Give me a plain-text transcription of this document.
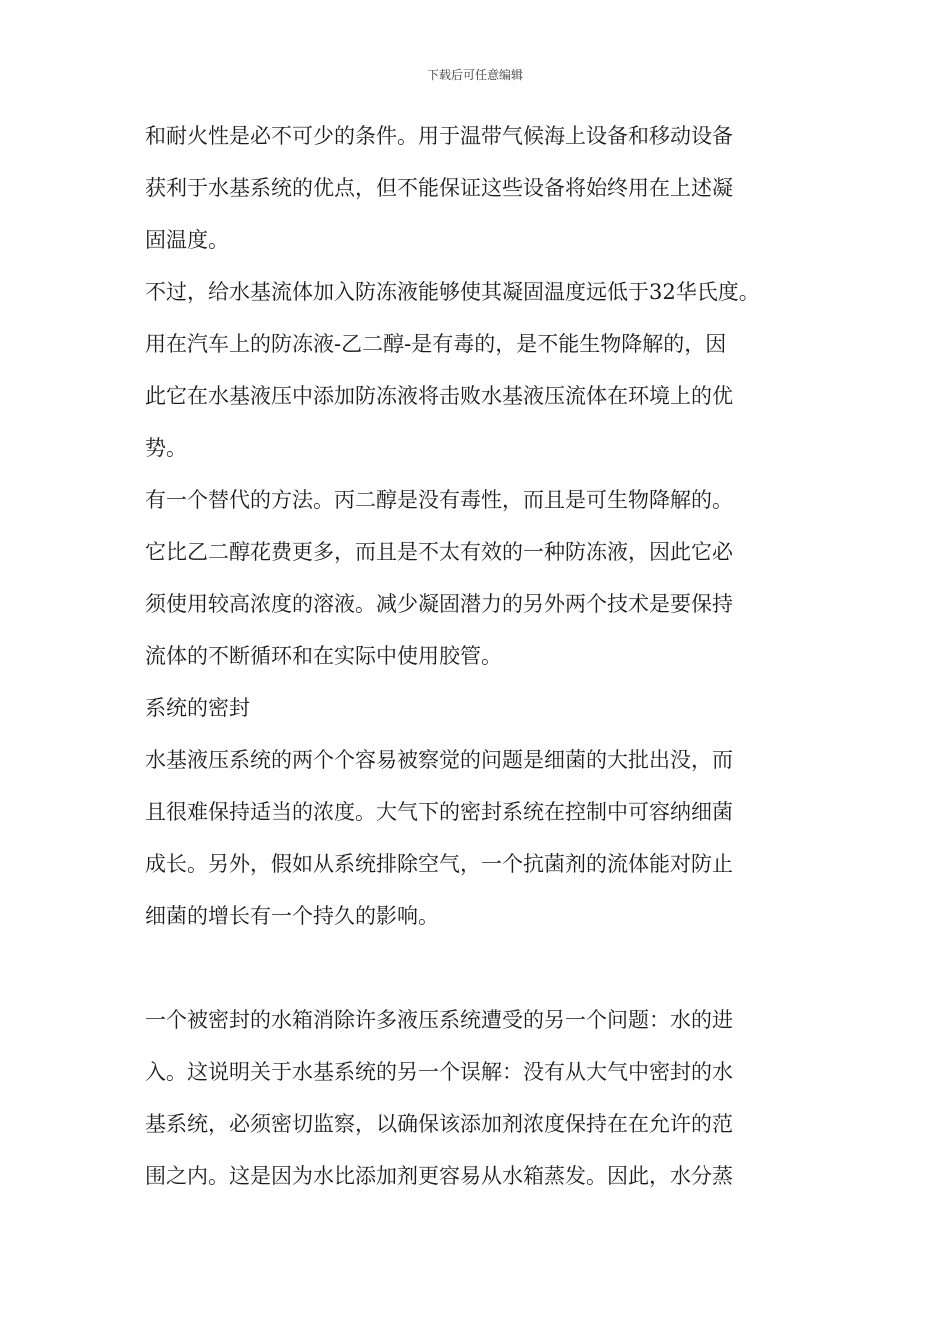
下载后可任意编辑
和耐火性是必不可少的条件。用于温带气候海上设备和移动设备
获利于水基系统的优点，但不能保证这些设备将始终用在上述凝
固温度。
不过，给水基流体加入防冻液能够使其凝固温度远低于32华氏度。
用在汽车上的防冻液-乙二醇-是有毒的，是不能生物降解的，因
此它在水基液压中添加防冻液将击败水基液压流体在环境上的优
势。
有一个替代的方法。丙二醇是没有毒性，而且是可生物降解的。
它比乙二醇花费更多，而且是不太有效的一种防冻液，因此它必
须使用较高浓度的溶液。减少凝固潜力的另外两个技术是要保持
流体的不断循环和在实际中使用胶管。
系统的密封
水基液压系统的两个个容易被察觉的问题是细菌的大批出没，而
且很难保持适当的浓度。大气下的密封系统在控制中可容纳细菌
成长。另外，假如从系统排除空气，一个抗菌剂的流体能对防止
细菌的增长有一个持久的影响。
一个被密封的水箱消除许多液压系统遭受的另一个问题：水的进
入。这说明关于水基系统的另一个误解：没有从大气中密封的水
基系统，必须密切监察，以确保该添加剂浓度保持在在允许的范
围之内。这是因为水比添加剂更容易从水箱蒸发。因此，水分蒸
